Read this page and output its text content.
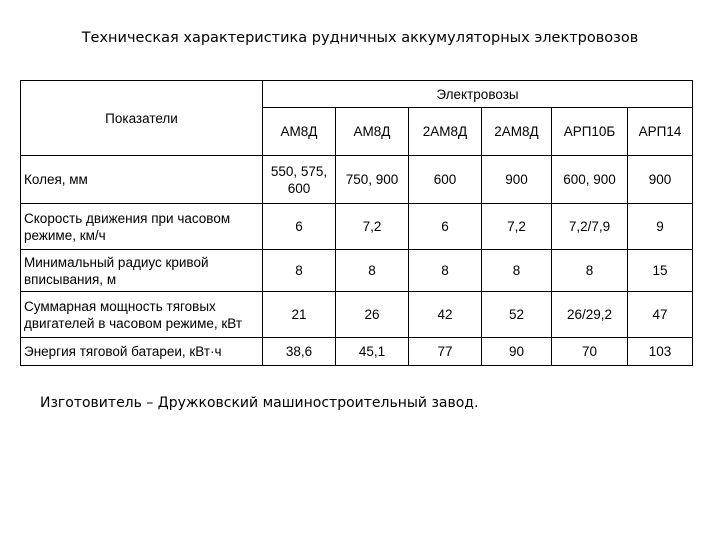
Техническая характеристика рудничных аккумуляторных электровозов
Показатели	Электровозы					
	АМ8Д	АМ8Д	2АМ8Д	2АМ8Д	АРП10Б	АРП14
Колея, мм	550, 575, 600	750, 900	600	900	600, 900	900
Скорость движения при часовом режиме, км/ч	6	7,2	6	7,2	7,2/7,9	9
Минимальный радиус кривой вписывания, м	8	8	8	8	8	15
Суммарная мощность тяговых двигателей в часовом режиме, кВт	21	26	42	52	26/29,2	47
Энергия тяговой батареи, кВт·ч	38,6	45,1	77	90	70	103
Изготовитель – Дружковский машиностроительный завод.
